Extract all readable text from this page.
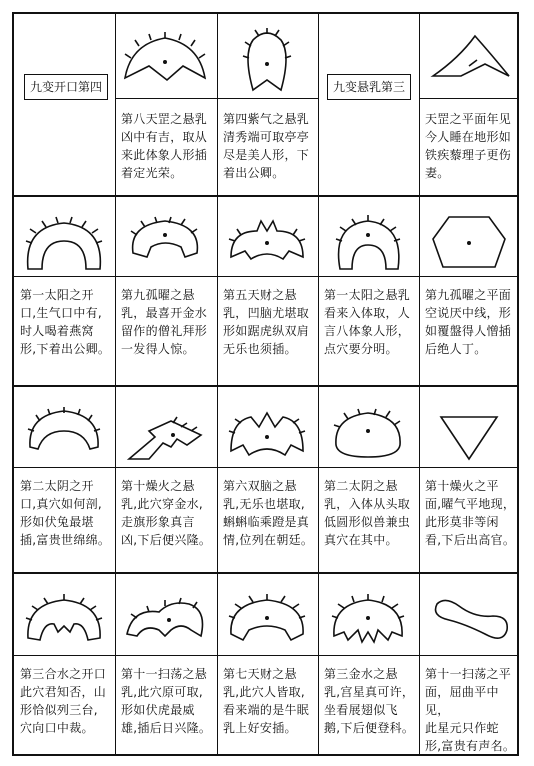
九变开口第四	九变悬乳第三
第八天罡之悬乳
凶中有吉，取从
来此体象人形插
着定光荣。
第四紫气之悬乳
清秀端可取亭亭
尽是美人形，下
着出公卿。
天罡之平面年见
今人睡在地形如
铁疾藜理子更伤
妻。
第一太阳之开
口,生气口中有,
时人喝着燕窝
形,下着出公卿。
第九孤曜之悬
乳，最喜开金水
留作的僧礼拜形
一发得人惊。
第五天财之悬
乳，凹脑尤堪取
形如踞虎纵双肩
无乐也须插。
第一太阳之悬乳
看来入体取，人
言八体象人形，
点穴要分明。
第九孤曜之平面
空说厌中线，形
如覆盤得人憎插
后绝人丁。
第二太阴之开
口,真穴如何剖,
形如伏兔最堪
插,富贵世绵绵。
第十燥火之悬
乳,此穴穿金水,
走旗形象真言
凶,下后便兴隆。
第六双脑之悬
乳,无乐也堪取,
蝌蝌临乘蹬是真
情,位列在朝廷。
第二太阴之悬
乳，入体从头取
低圆形似兽兼虫
真穴在其中。
第十燥火之平
面,曜气平地现，
此形莫非等闲
看,下后出高官。
第三合水之开口
此穴君知否，山
形恰似列三台,
穴向口中裁。
第十一扫荡之悬
乳,此穴原可取,
形如伏虎最威
雄,插后日兴隆。
第七天财之悬
乳,此穴人皆取,
看来端的是牛眠
乳上好安插。
第三金水之悬
乳,宫星真可许，
坐看展翅似飞
鹅,下后便登科。
第十一扫荡之平
面，屈曲平中见，
此星元只作蛇
形,富贵有声名。
